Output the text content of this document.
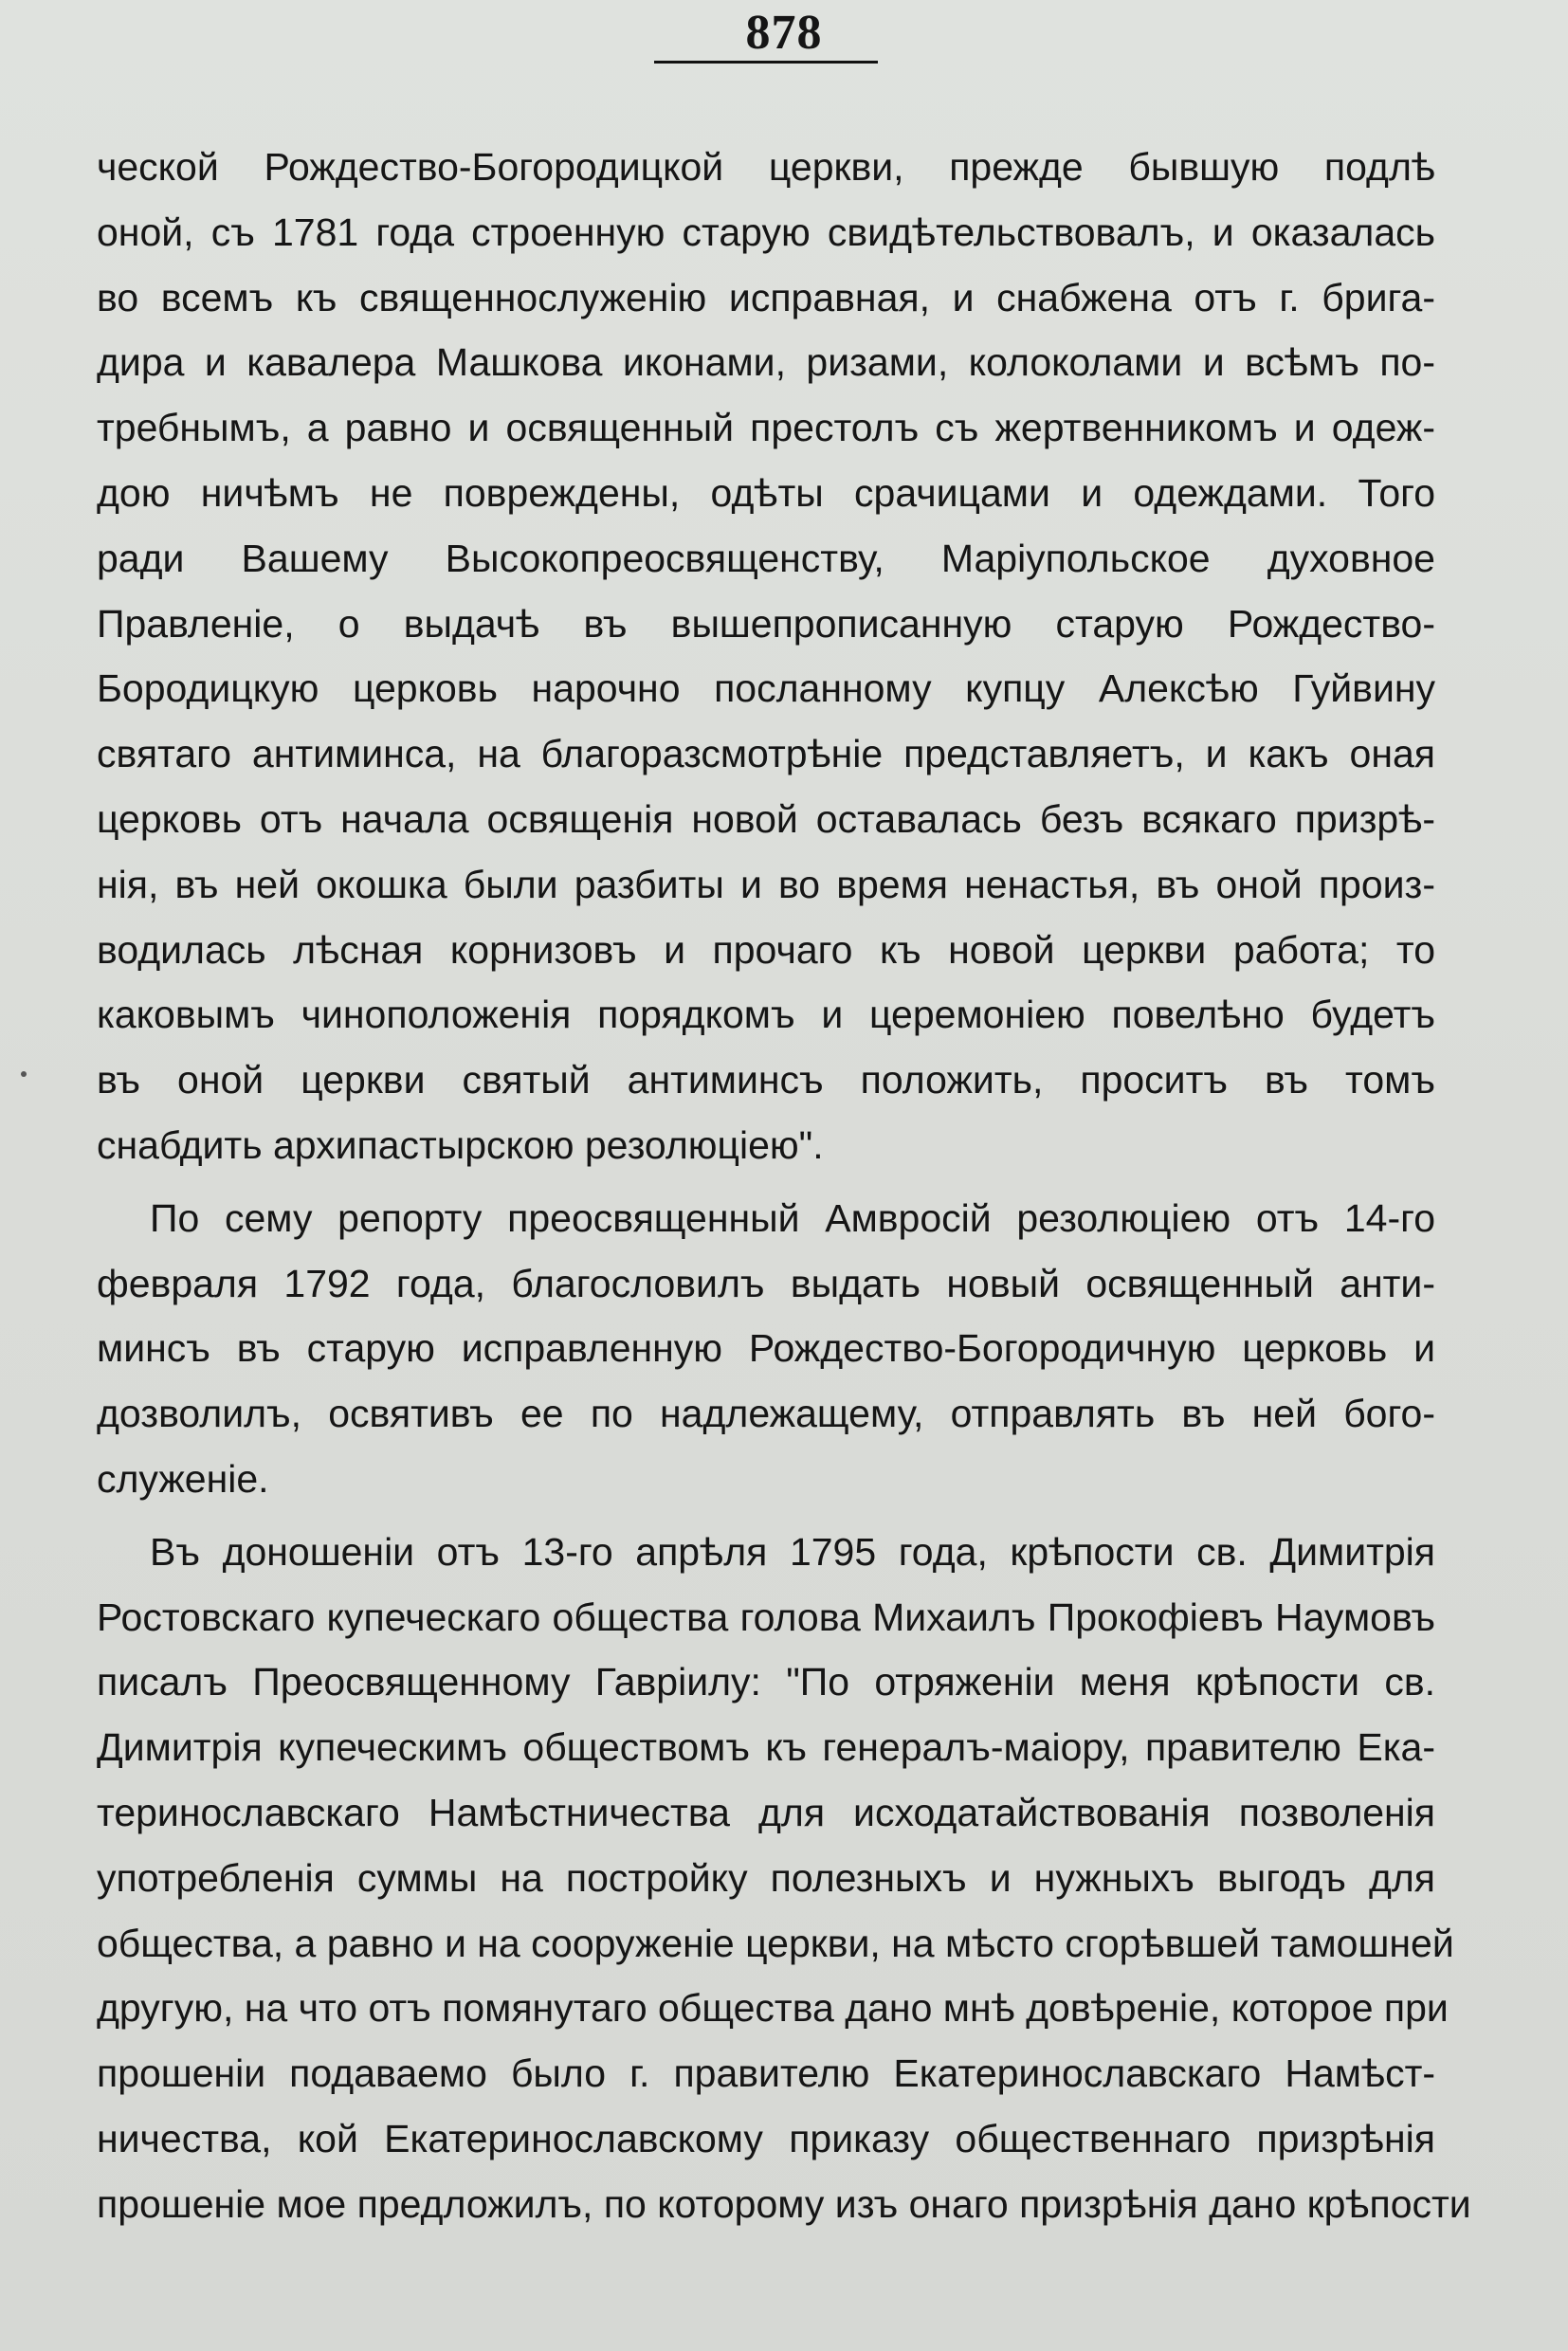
878
ческой Рождество-Богородицкой церкви, прежде бывшую подлѣ
оной, съ 1781 года строенную старую свидѣтельствовалъ, и оказалась
во всемъ къ священнослуженію исправная, и снабжена отъ г. брига-
дира и кавалера Машкова иконами, ризами, колоколами и всѣмъ по-
требнымъ, а равно и освященный престолъ съ жертвенникомъ и одеж-
дою ничѣмъ не повреждены, одѣты срачицами и одеждами. Того
ради Вашему Высокопреосвященству, Маріупольское духовное
Правленіе, о выдачѣ въ вышепрописанную старую Рождество-
Бородицкую церковь нарочно посланному купцу Алексѣю Гуйвину
святаго антиминса, на благоразсмотрѣніе представляетъ, и какъ оная
церковь отъ начала освященія новой оставалась безъ всякаго призрѣ-
нія, въ ней окошка были разбиты и во время ненастья, въ оной произ-
водилась лѣсная корнизовъ и прочаго къ новой церкви работа; то
каковымъ чиноположенія порядкомъ и церемоніею повелѣно будетъ
въ оной церкви святый антиминсъ положить, проситъ въ томъ
снабдить архипастырскою резолюціею".
По сему репорту преосвященный Амвросій резолюціею отъ 14-го
февраля 1792 года, благословилъ выдать новый освященный анти-
минсъ въ старую исправленную Рождество-Богородичную церковь и
дозволилъ, освятивъ ее по надлежащему, отправлять въ ней бого-
служеніе.
Въ доношеніи отъ 13-го апрѣля 1795 года, крѣпости св. Димитрія
Ростовскаго купеческаго общества голова Михаилъ Прокофіевъ Наумовъ
писалъ Преосвященному Гавріилу: "По отряженіи меня крѣпости св.
Димитрія купеческимъ обществомъ къ генералъ-маіору, правителю Ека-
теринославскаго Намѣстничества для исходатайствованія позволенія
употребленія суммы на постройку полезныхъ и нужныхъ выгодъ для
общества, а равно и на сооруженіе церкви, на мѣсто сгорѣвшей тамошней
другую, на что отъ помянутаго общества дано мнѣ довѣреніе, которое при
прошеніи подаваемо было г. правителю Екатеринославскаго Намѣст-
ничества, кой Екатеринославскому приказу общественнаго призрѣнія
прошеніе мое предложилъ, по которому изъ онаго призрѣнія дано крѣпости
